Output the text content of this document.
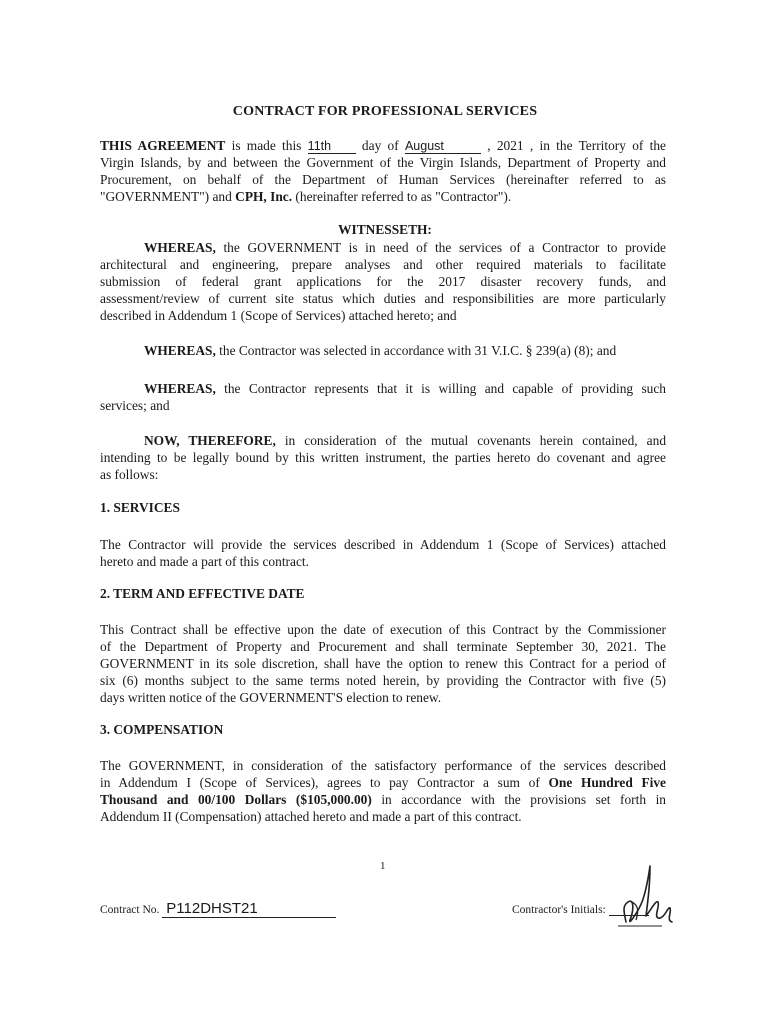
CONTRACT FOR PROFESSIONAL SERVICES
THIS AGREEMENT is made this 11th day of August	, 2021 , in the Territory of the
Virgin Islands, by and between the Government of the Virgin Islands, Department of Property and
Procurement, on behalf of the Department of Human Services (hereinafter referred to as
"GOVERNMENT") and CPH, Inc. (hereinafter referred to as "Contractor").
WITNESSETH:
WHEREAS, the GOVERNMENT is in need of the services of a Contractor to provide
architectural and engineering, prepare analyses and other required materials to facilitate
submission of federal grant applications for the 2017 disaster recovery funds, and
assessment/review of current site status which duties and responsibilities are more particularly
described in Addendum 1 (Scope of Services) attached hereto; and
WHEREAS, the Contractor was selected in accordance with 31 V.I.C. § 239(a) (8); and
WHEREAS, the Contractor represents that it is willing and capable of providing such
services; and
NOW, THEREFORE, in consideration of the mutual covenants herein contained, and
intending to be legally bound by this written instrument, the parties hereto do covenant and agree
as follows:
1. SERVICES
The Contractor will provide the services described in Addendum 1 (Scope of Services) attached
hereto and made a part of this contract.
2. TERM AND EFFECTIVE DATE
This Contract shall be effective upon the date of execution of this Contract by the Commissioner
of the Department of Property and Procurement and shall terminate September 30, 2021. The
GOVERNMENT in its sole discretion, shall have the option to renew this Contract for a period of
six (6) months subject to the same terms noted herein, by providing the Contractor with five (5)
days written notice of the GOVERNMENT'S election to renew.
3. COMPENSATION
The GOVERNMENT, in consideration of the satisfactory performance of the services described
in Addendum I (Scope of Services), agrees to pay Contractor a sum of One Hundred Five
Thousand and 00/100 Dollars ($105,000.00) in accordance with the provisions set forth in
Addendum II (Compensation) attached hereto and made a part of this contract.
1
Contract No. P112DHST21	Contractor's Initials:
